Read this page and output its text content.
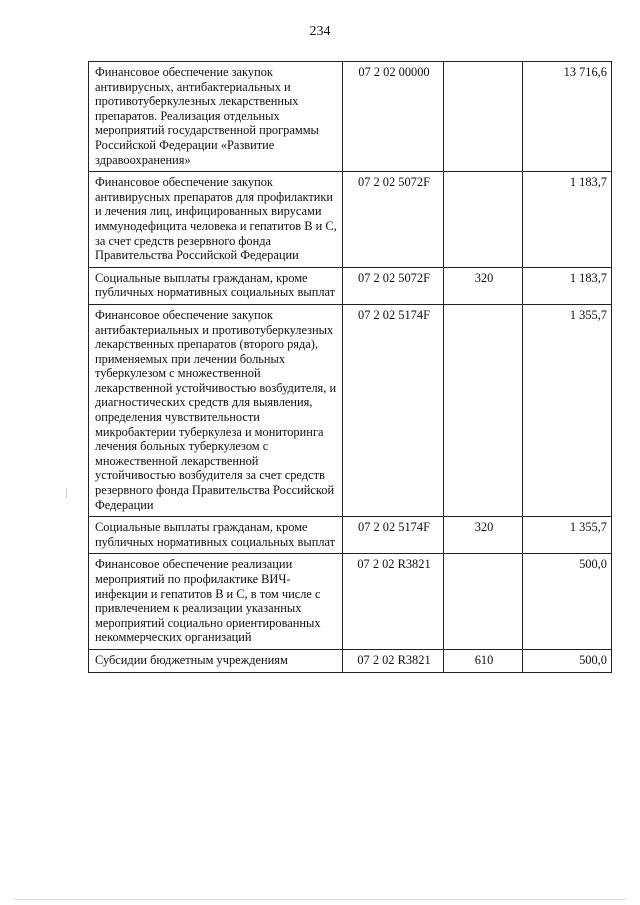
234
Финансовое обеспечение закупок антивирусных, антибактериальных и противотуберкулезных лекарственных препаратов. Реализация отдельных мероприятий государственной программы Российской Федерации «Развитие здравоохранения»	07 2 02 00000		13 716,6
Финансовое обеспечение закупок антивирусных препаратов для профилактики и лечения лиц, инфицированных вирусами иммунодефицита человека и гепатитов В и С, за счет средств резервного фонда Правительства Российской Федерации	07 2 02 5072F		1 183,7
Социальные выплаты гражданам, кроме публичных нормативных социальных выплат	07 2 02 5072F	320	1 183,7
Финансовое обеспечение закупок антибактериальных и противотуберкулезных лекарственных препаратов (второго ряда), применяемых при лечении больных туберкулезом с множественной лекарственной устойчивостью возбудителя, и диагностических средств для выявления, определения чувствительности микробактерии туберкулеза и мониторинга лечения больных туберкулезом с множественной лекарственной устойчивостью возбудителя за счет средств резервного фонда Правительства Российской Федерации	07 2 02 5174F		1 355,7
Социальные выплаты гражданам, кроме публичных нормативных социальных выплат	07 2 02 5174F	320	1 355,7
Финансовое обеспечение реализации мероприятий по профилактике ВИЧ-инфекции и гепатитов В и С, в том числе с привлечением к реализации указанных мероприятий социально ориентированных некоммерческих организаций	07 2 02 R3821		500,0
Субсидии бюджетным учреждениям	07 2 02 R3821	610	500,0
